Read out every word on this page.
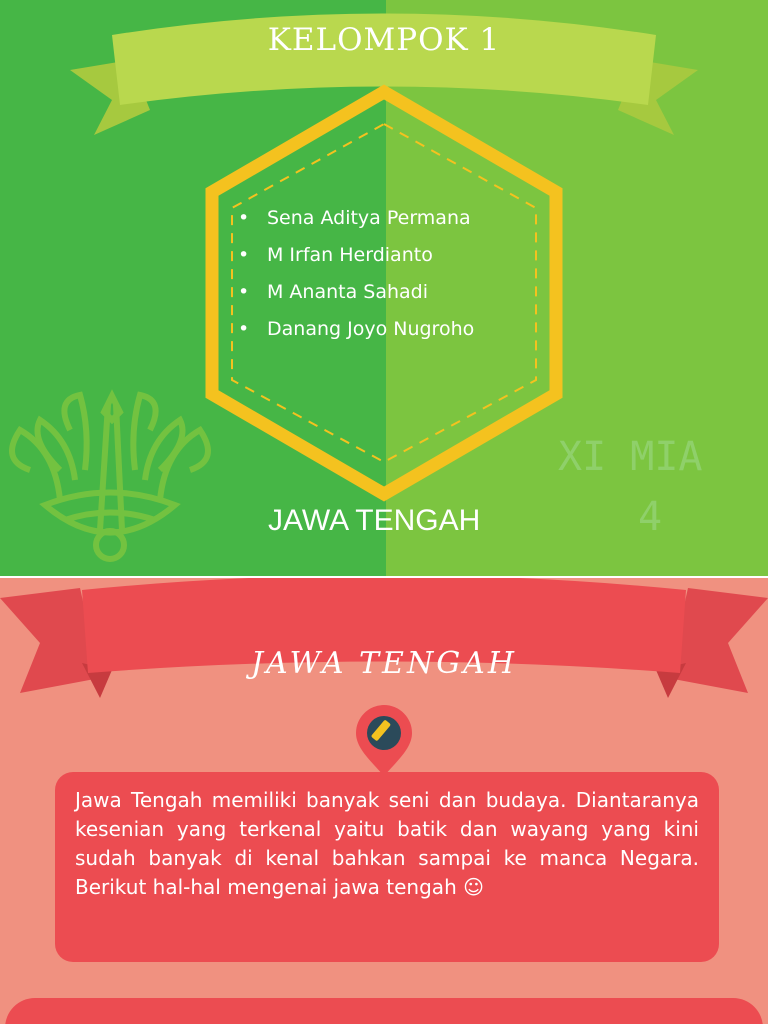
KELOMPOK 1
• Sena Aditya Permana
• M Irfan Herdianto
• M Ananta Sahadi
• Danang Joyo Nugroho
JAWA TENGAH
XI MIA
4
JAWA TENGAH

Jawa Tengah memiliki banyak seni dan budaya. Diantaranya kesenian yang terkenal yaitu batik dan wayang yang kini sudah banyak di kenal bahkan sampai ke manca Negara. Berikut hal-hal mengenai jawa tengah ☺
